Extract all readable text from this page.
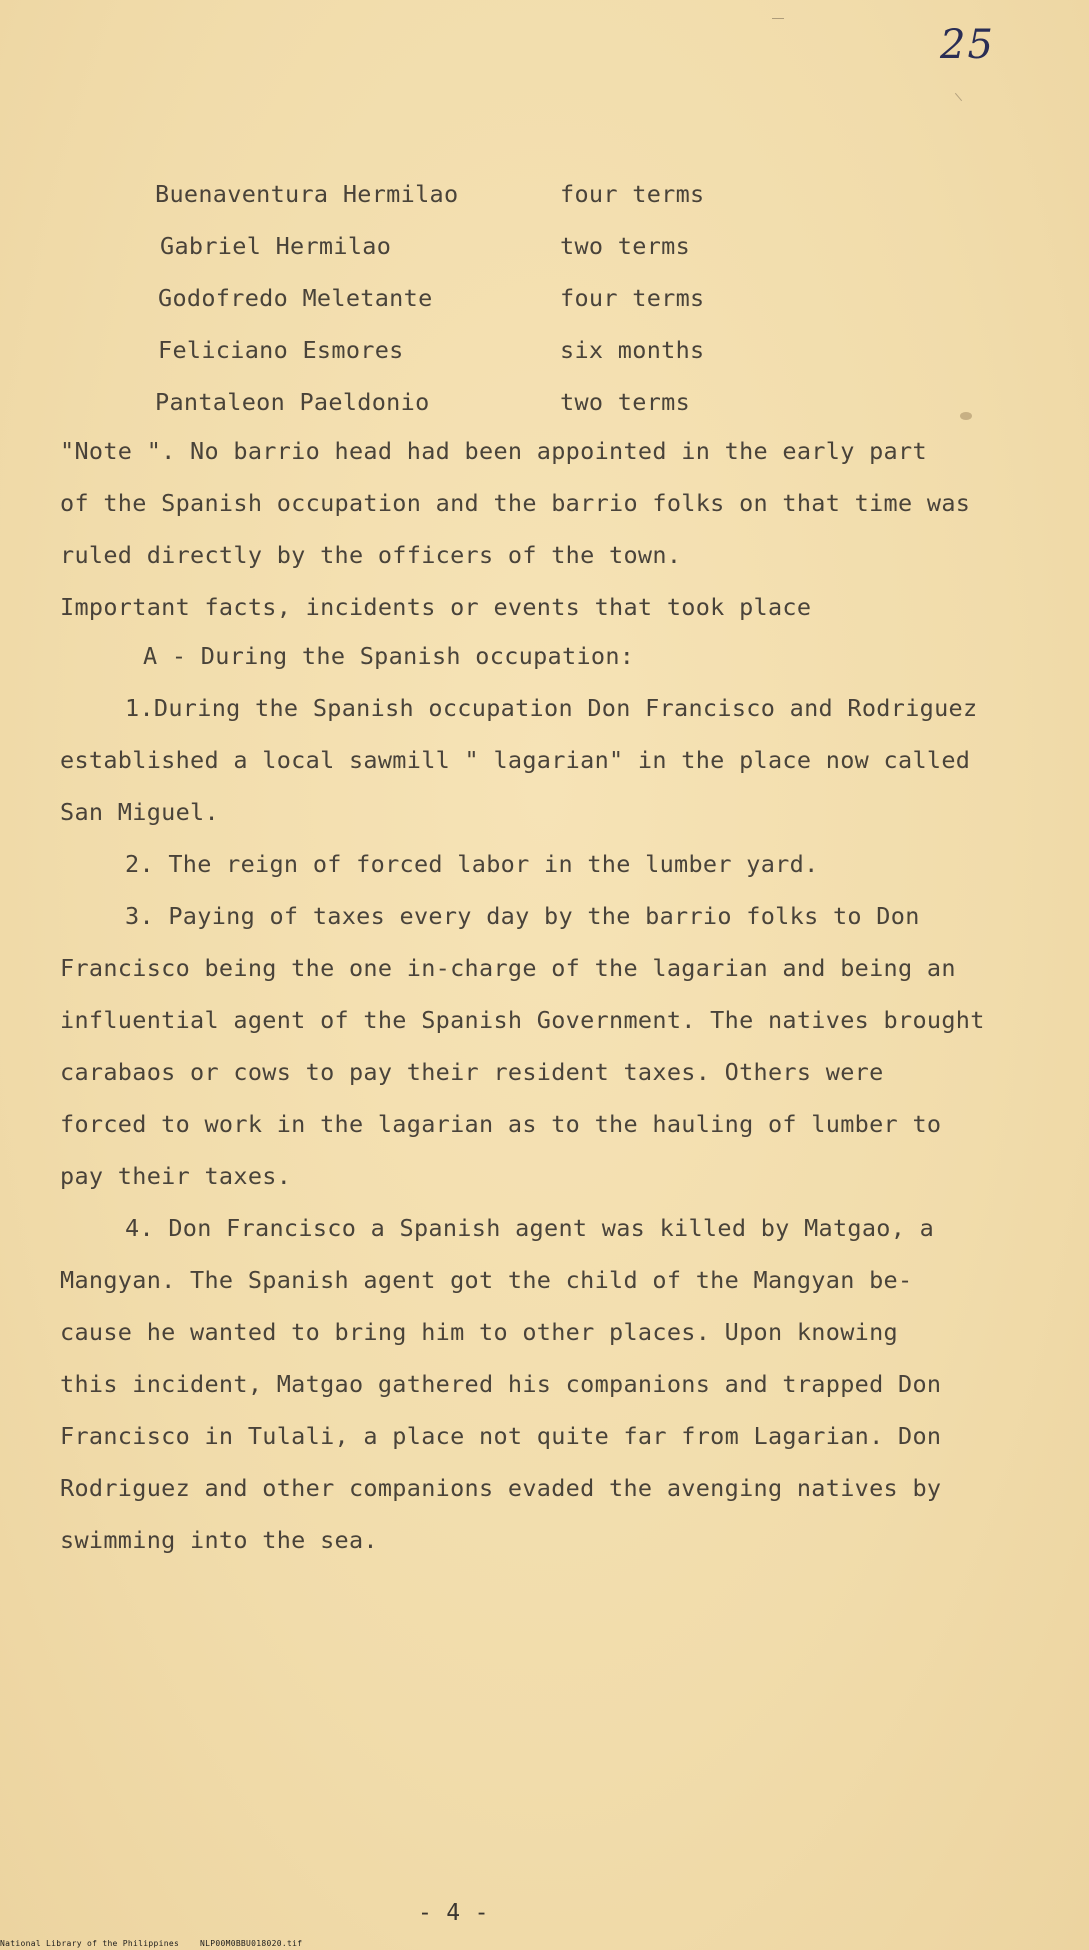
25
Buenaventura Hermilao	four terms
Gabriel Hermilao	two terms
Godofredo Meletante	four terms
Feliciano Esmores	six months
Pantaleon Paeldonio	two terms
"Note ". No barrio head had been appointed in the early part
of the Spanish occupation and the barrio folks on that time was
ruled directly by the officers of the town.
Important facts, incidents or events that took place
A - During the Spanish occupation:
1.During the Spanish occupation Don Francisco and Rodriguez
established a local sawmill " lagarian" in the place now called
San Miguel.
2. The reign of forced labor in the lumber yard.
3. Paying of taxes every day by the barrio folks to Don
Francisco being the one in-charge of the lagarian and being an
influential agent of the Spanish Government. The natives brought
carabaos or cows to pay their resident taxes. Others were
forced to work in the lagarian as to the hauling of lumber to
pay their taxes.
4. Don Francisco a Spanish agent was killed by Matgao, a
Mangyan. The Spanish agent got the child of the Mangyan be-
cause he wanted to bring him to other places. Upon knowing
this incident, Matgao gathered his companions and trapped Don
Francisco in Tulali, a place not quite far from Lagarian. Don
Rodriguez and other companions evaded the avenging natives by
swimming into the sea.
- 4 -
National Library of the Philippines	NLP00M0BBU018020.tif
